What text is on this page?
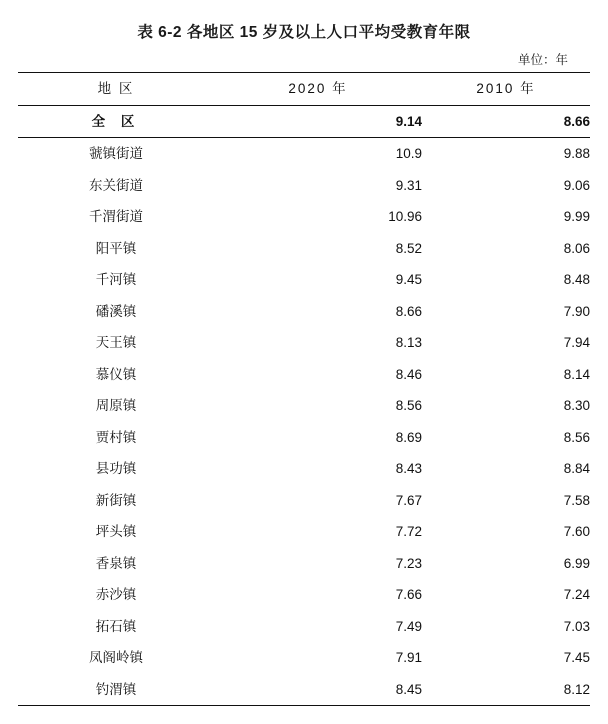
表 6-2 各地区 15 岁及以上人口平均受教育年限
单位：年
地 区	2020 年	2010 年
全 区	9.14	8.66
虢镇街道	10.9	9.88
东关街道	9.31	9.06
千渭街道	10.96	9.99
阳平镇	8.52	8.06
千河镇	9.45	8.48
磻溪镇	8.66	7.90
天王镇	8.13	7.94
慕仪镇	8.46	8.14
周原镇	8.56	8.30
贾村镇	8.69	8.56
县功镇	8.43	8.84
新街镇	7.67	7.58
坪头镇	7.72	7.60
香泉镇	7.23	6.99
赤沙镇	7.66	7.24
拓石镇	7.49	7.03
凤阁岭镇	7.91	7.45
钓渭镇	8.45	8.12
